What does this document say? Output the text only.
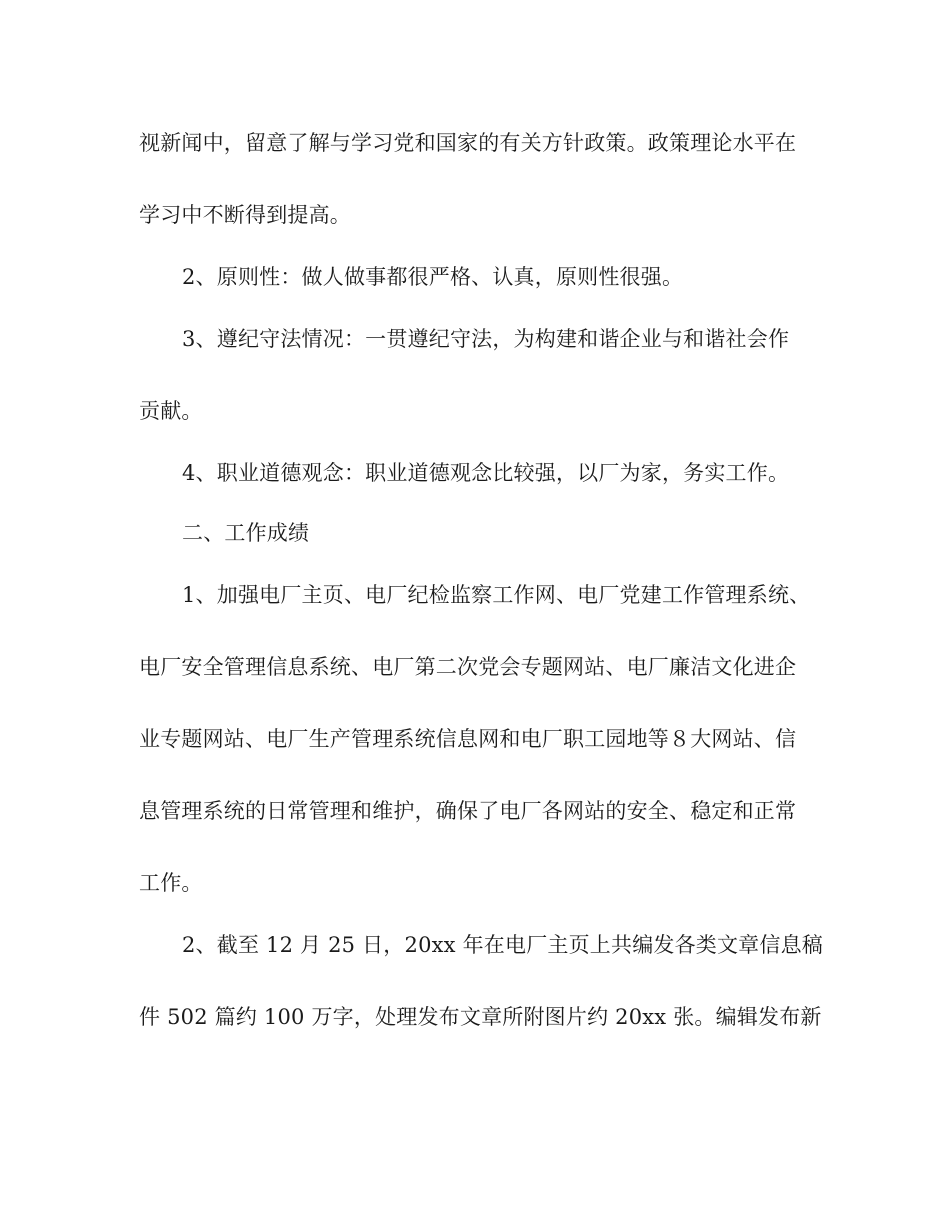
视新闻中，留意了解与学习党和国家的有关方针政策。政策理论水平在

学习中不断得到提高。

2、原则性：做人做事都很严格、认真，原则性很强。

3、遵纪守法情况：一贯遵纪守法，为构建和谐企业与和谐社会作

贡献。

4、职业道德观念：职业道德观念比较强，以厂为家，务实工作。

二、工作成绩

1、加强电厂主页、电厂纪检监察工作网、电厂党建工作管理系统、

电厂安全管理信息系统、电厂第二次党会专题网站、电厂廉洁文化进企

业专题网站、电厂生产管理系统信息网和电厂职工园地等８大网站、信

息管理系统的日常管理和维护，确保了电厂各网站的安全、稳定和正常

工作。

2、截至 12 月 25 日，20xx 年在电厂主页上共编发各类文章信息稿

件 502 篇约 100 万字，处理发布文章所附图片约 20xx 张。编辑发布新
